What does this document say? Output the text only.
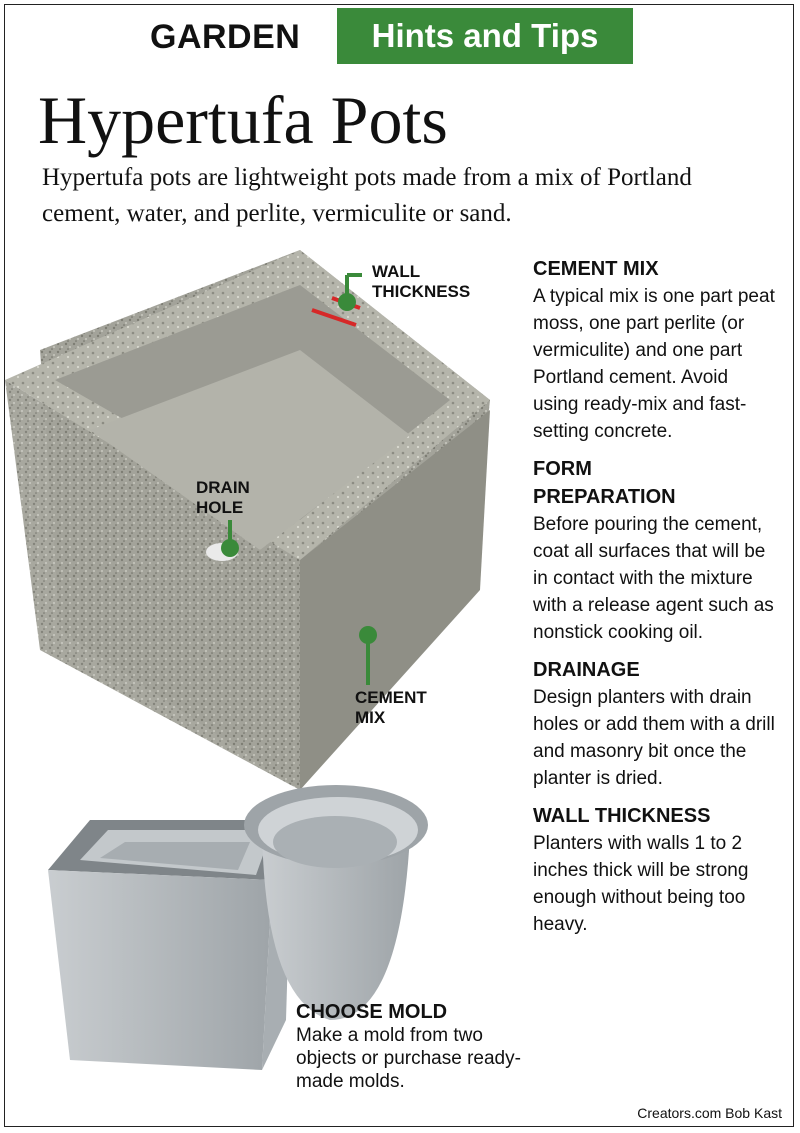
GARDEN	Hints and Tips
Hypertufa Pots
Hypertufa pots are lightweight pots made from a mix of Portland cement, water, and perlite, vermiculite or sand.
WALL
THICKNESS
DRAIN
HOLE
CEMENT
MIX
CEMENT MIX
A typical mix is one part peat moss, one part perlite (or vermiculite) and one part Portland cement. Avoid using ready-mix and fast-setting concrete.
FORM PREPARATION
Before pouring the cement, coat all surfaces that will be in contact with the mixture with a release agent such as nonstick cooking oil.
DRAINAGE
Design planters with drain holes or add them with a drill and masonry bit once the planter is dried.
WALL THICKNESS
Planters with walls 1 to 2 inches thick will be strong enough without being too heavy.
CHOOSE MOLD
Make a mold from two objects or purchase ready-made molds.
Creators.com Bob Kast
